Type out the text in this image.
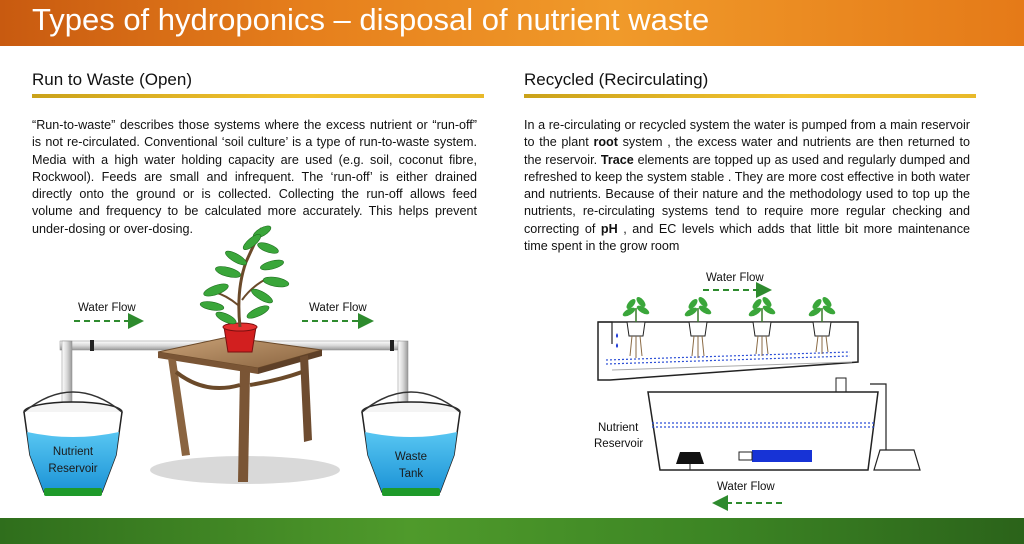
Types of hydroponics – disposal of nutrient waste
Run to Waste (Open)
“Run-to-waste” describes those systems where the excess nutrient or “run-off” is not re-circulated. Conventional ‘soil culture’ is a type of run-to-waste system. Media with a high water holding capacity are used (e.g. soil, coconut fibre, Rockwool). Feeds are small and infrequent. The ‘run-off’ is either drained directly onto the ground or is collected. Collecting the run-off allows feed volume and frequency to be calculated more accurately. This helps prevent under-dosing or over-dosing.
Recycled (Recirculating)
In a re-circulating or recycled system the water is pumped from a main reservoir to the plant root system , the excess water and nutrients are then returned to the reservoir. Trace elements are topped up as used and regularly dumped and refreshed to keep the system stable . They are more cost effective in both water and nutrients. Because of their nature and the methodology used to top up the nutrients, re-circulating systems tend to require more regular checking and correcting of pH , and EC levels which adds that little bit more maintenance time spent in the grow room
Water Flow	Water Flow
Nutrient
Reservoir
Waste
Tank
Water Flow
Nutrient
Reservoir
Water Flow
